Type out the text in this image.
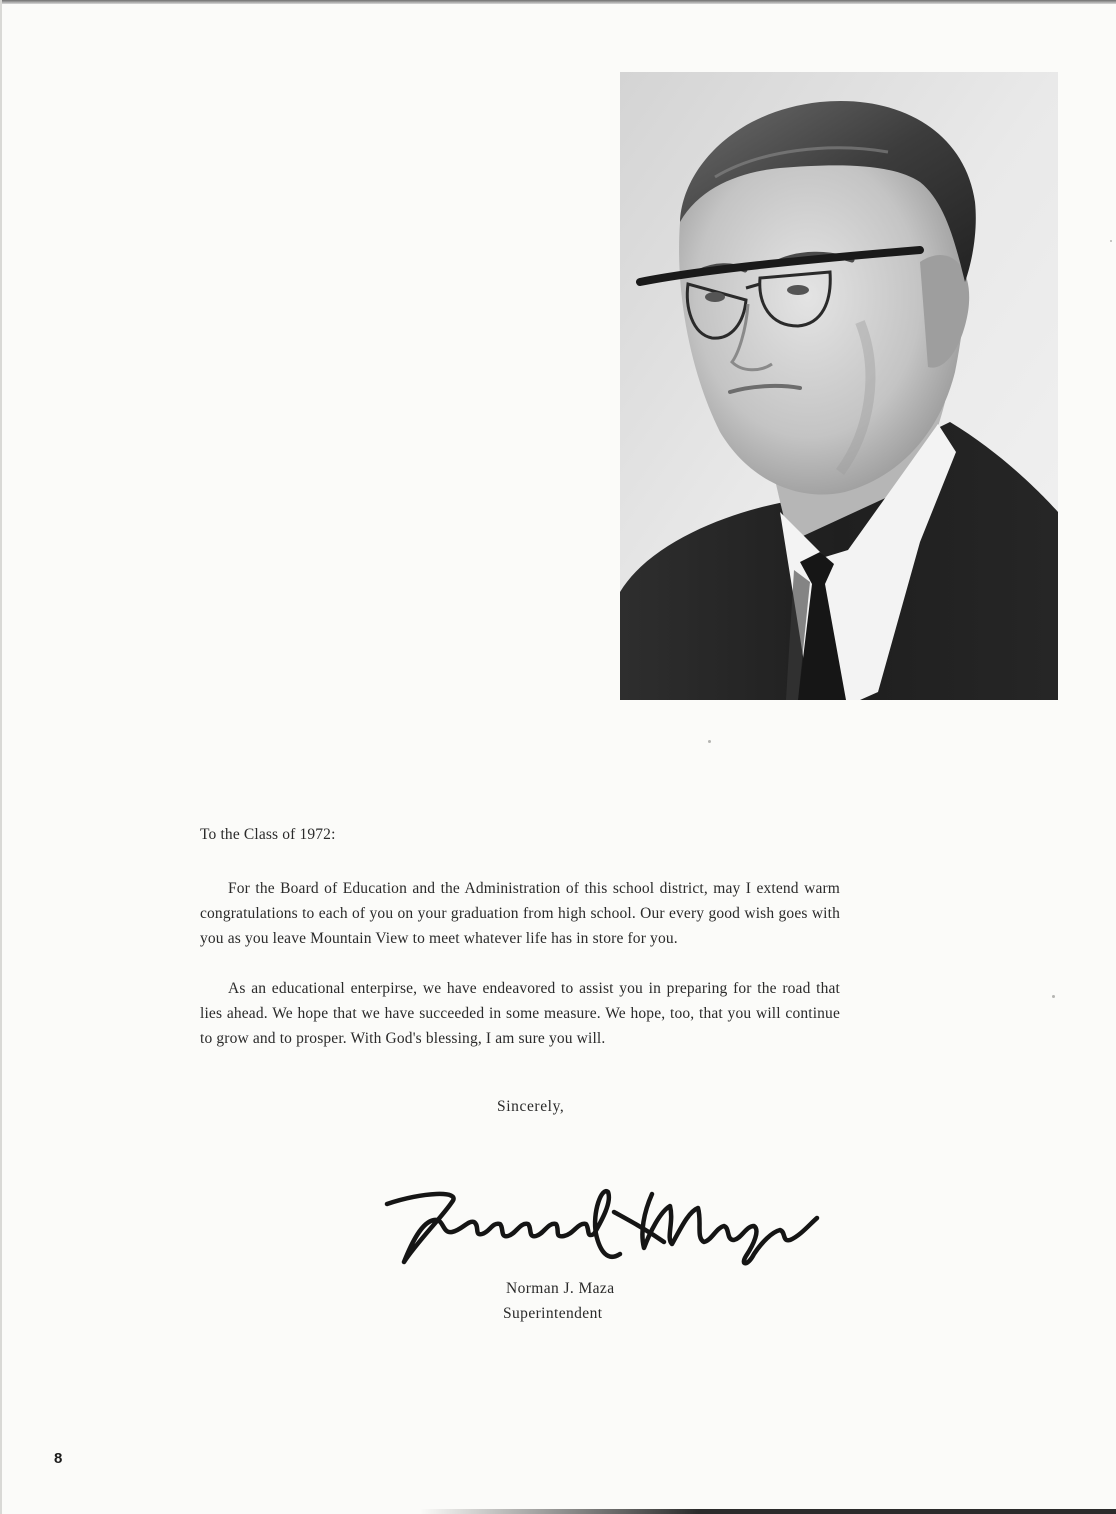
To the Class of 1972:

For the Board of Education and the Administration of this school district, may I extend warm congratulations to each of you on your graduation from high school. Our every good wish goes with you as you leave Mountain View to meet whatever life has in store for you.

As an educational enterpirse, we have endeavored to assist you in preparing for the road that lies ahead. We hope that we have succeeded in some measure. We hope, too, that you will continue to grow and to prosper. With God's blessing, I am sure you will.

Sincerely,
Norman J. Maza
Superintendent
8
